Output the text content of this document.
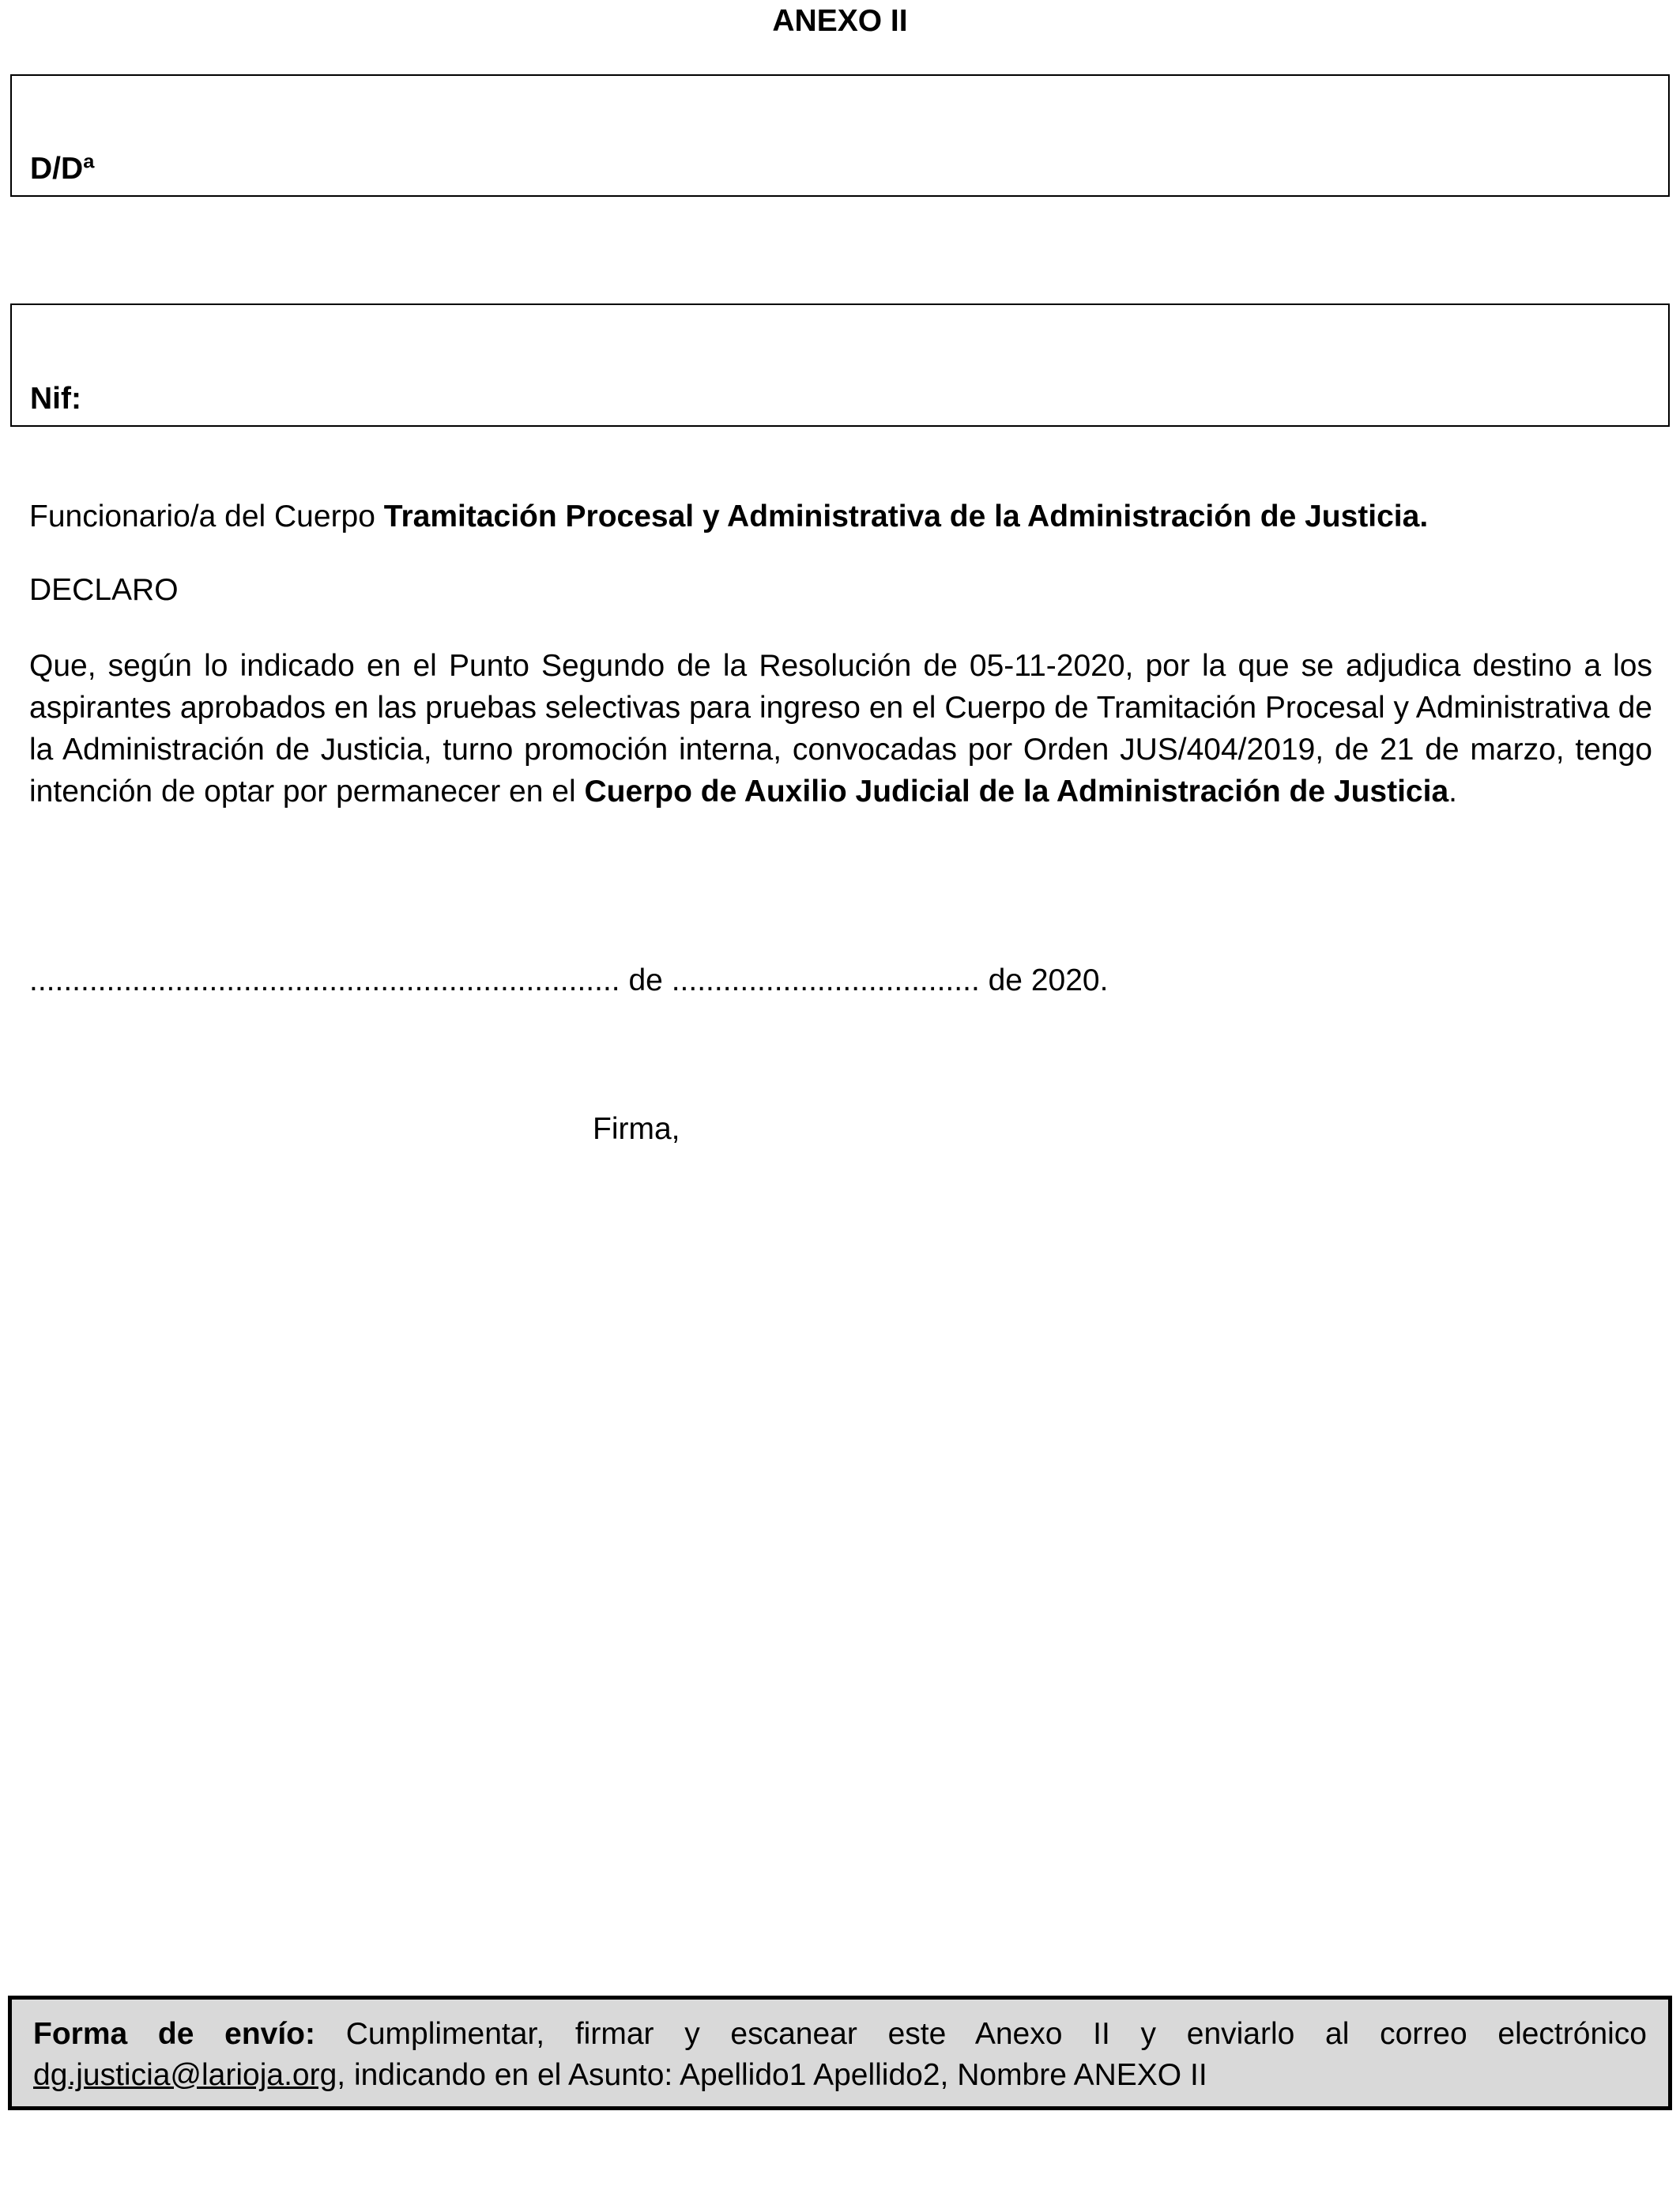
ANEXO II
D/Dª
Nif:
Funcionario/a del Cuerpo Tramitación Procesal y Administrativa de la Administración de Justicia.
DECLARO
Que, según lo indicado en el Punto Segundo de la Resolución de 05-11-2020, por la que se adjudica destino a los aspirantes aprobados en las pruebas selectivas para ingreso en el Cuerpo de Tramitación Procesal y Administrativa de la Administración de Justicia, turno promoción interna, convocadas por Orden JUS/404/2019, de 21 de marzo, tengo intención de optar por permanecer en el Cuerpo de Auxilio Judicial de la Administración de Justicia.
..................................................................... de .................................... de 2020.
Firma,
Forma de envío: Cumplimentar, firmar y escanear este Anexo II y enviarlo al correo electrónico dg.justicia@larioja.org, indicando en el Asunto: Apellido1 Apellido2, Nombre ANEXO II
